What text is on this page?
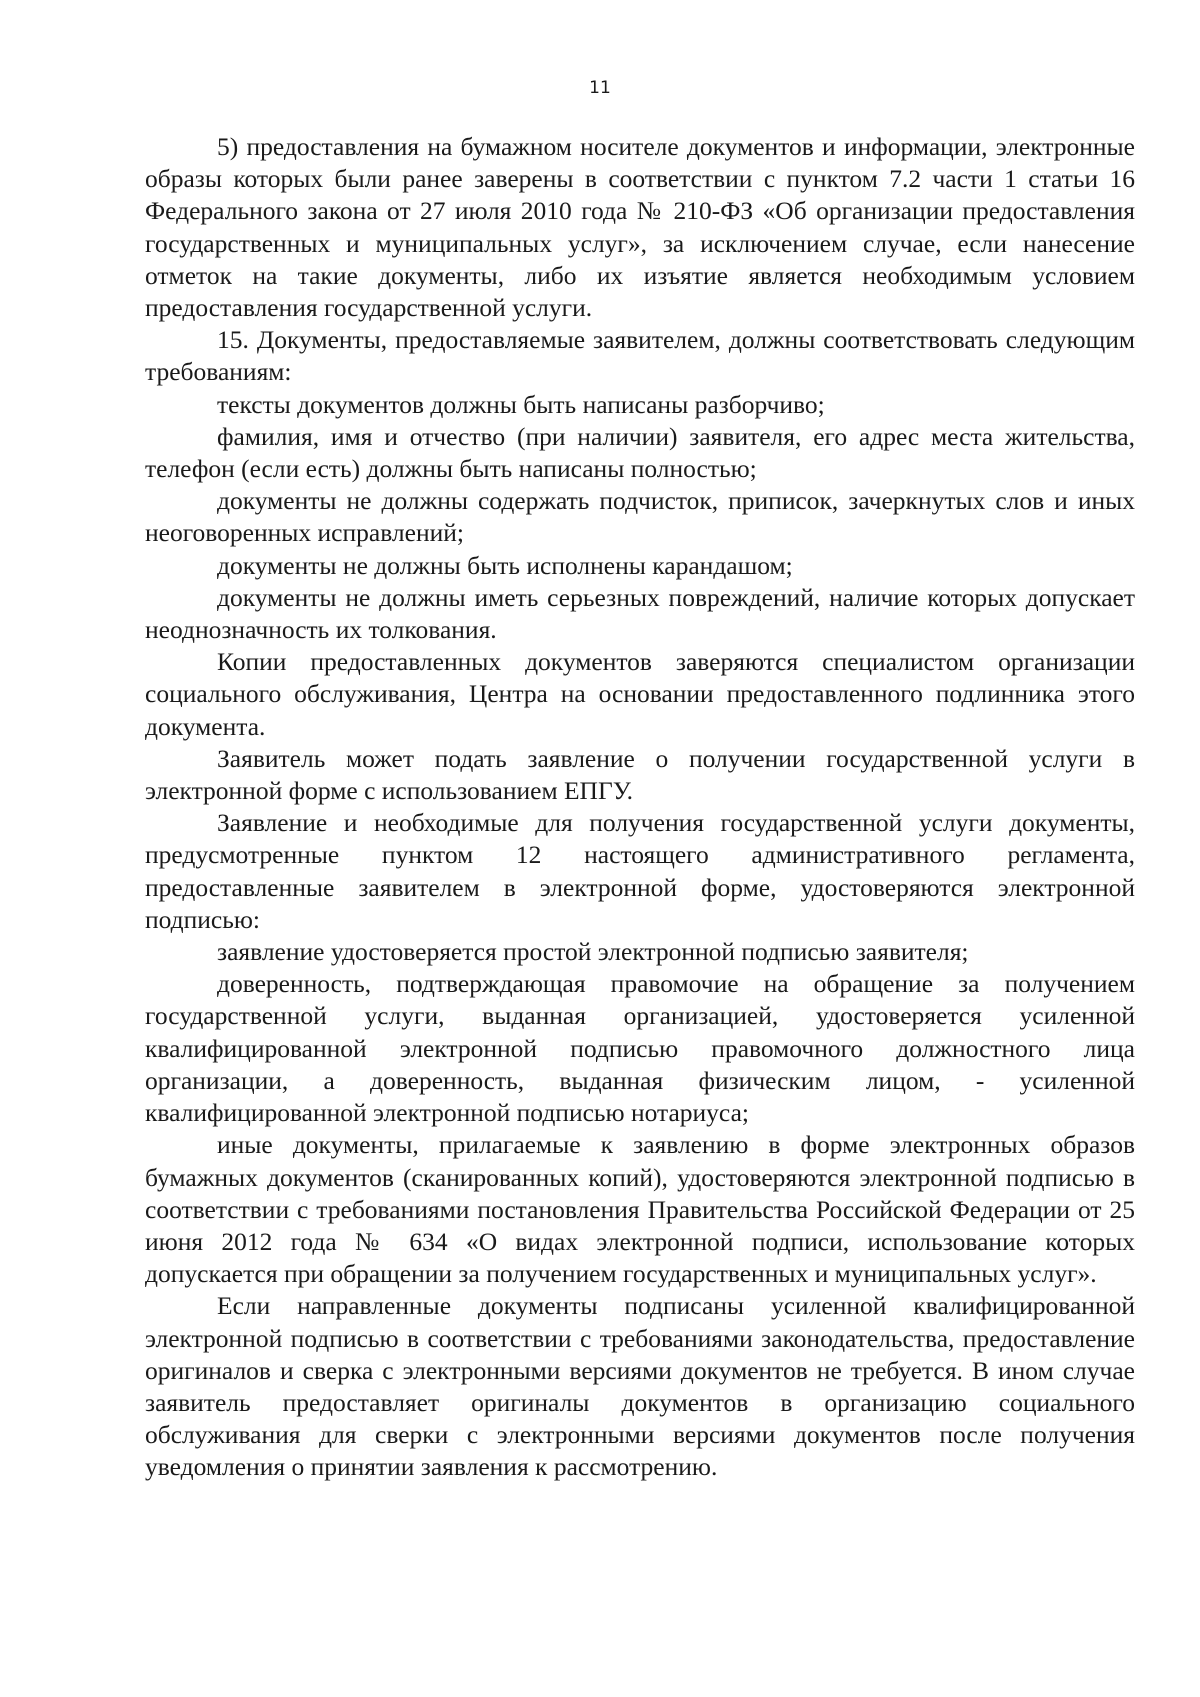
11

5) предоставления на бумажном носителе документов и информации, электронные образы которых были ранее заверены в соответствии с пунктом 7.2 части 1 статьи 16 Федерального закона от 27 июля 2010 года № 210-ФЗ «Об организации предоставления государственных и муниципальных услуг», за исключением случае, если нанесение отметок на такие документы, либо их изъятие является необходимым условием предоставления государственной услуги.

15. Документы, предоставляемые заявителем, должны соответствовать следующим требованиям:

тексты документов должны быть написаны разборчиво;

фамилия, имя и отчество (при наличии) заявителя, его адрес места жительства, телефон (если есть) должны быть написаны полностью;

документы не должны содержать подчисток, приписок, зачеркнутых слов и иных неоговоренных исправлений;

документы не должны быть исполнены карандашом;

документы не должны иметь серьезных повреждений, наличие которых допускает неоднозначность их толкования.

Копии предоставленных документов заверяются специалистом организации социального обслуживания, Центра на основании предоставленного подлинника этого документа.

Заявитель может подать заявление о получении государственной услуги в электронной форме с использованием ЕПГУ.

Заявление и необходимые для получения государственной услуги документы, предусмотренные пунктом 12 настоящего административного регламента, предоставленные заявителем в электронной форме, удостоверяются электронной подписью:

заявление удостоверяется простой электронной подписью заявителя;

доверенность, подтверждающая правомочие на обращение за получением государственной услуги, выданная организацией, удостоверяется усиленной квалифицированной электронной подписью правомочного должностного лица организации, а доверенность, выданная физическим лицом, - усиленной квалифицированной электронной подписью нотариуса;

иные документы, прилагаемые к заявлению в форме электронных образов бумажных документов (сканированных копий), удостоверяются электронной подписью в соответствии с требованиями постановления Правительства Российской Федерации от 25 июня 2012 года № 634 «О видах электронной подписи, использование которых допускается при обращении за получением государственных и муниципальных услуг».

Если направленные документы подписаны усиленной квалифицированной электронной подписью в соответствии с требованиями законодательства, предоставление оригиналов и сверка с электронными версиями документов не требуется. В ином случае заявитель предоставляет оригиналы документов в организацию социального обслуживания для сверки с электронными версиями документов после получения уведомления о принятии заявления к рассмотрению.
